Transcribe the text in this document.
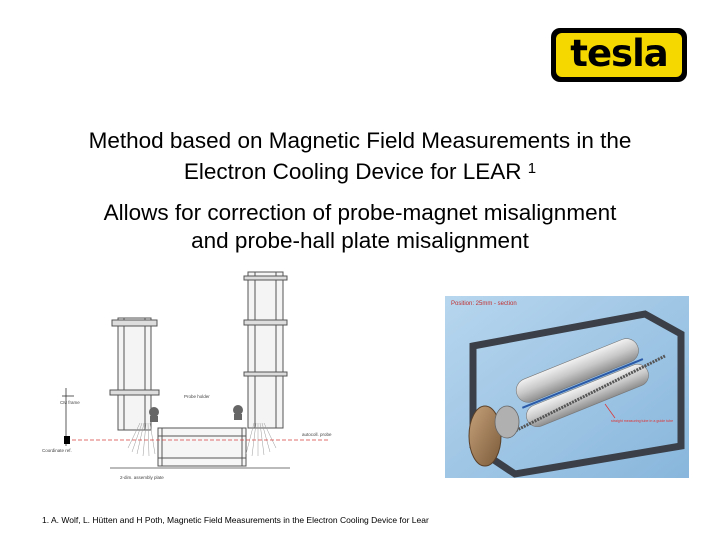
tesla
Method based on Magnetic Field Measurements in the
Electron Cooling Device for LEAR $^1$
Allows for correction of probe-magnet misalignment
and probe-hall plate misalignment
Probe holder
CM frame
Coordinate ref.
autocoll. probe
2-dim. assembly plate
straight measuring tube in a guide tube
Position: 25mm - section
1. A. Wolf, L. Hütten and H Poth, Magnetic Field Measurements in the Electron Cooling Device for Lear
